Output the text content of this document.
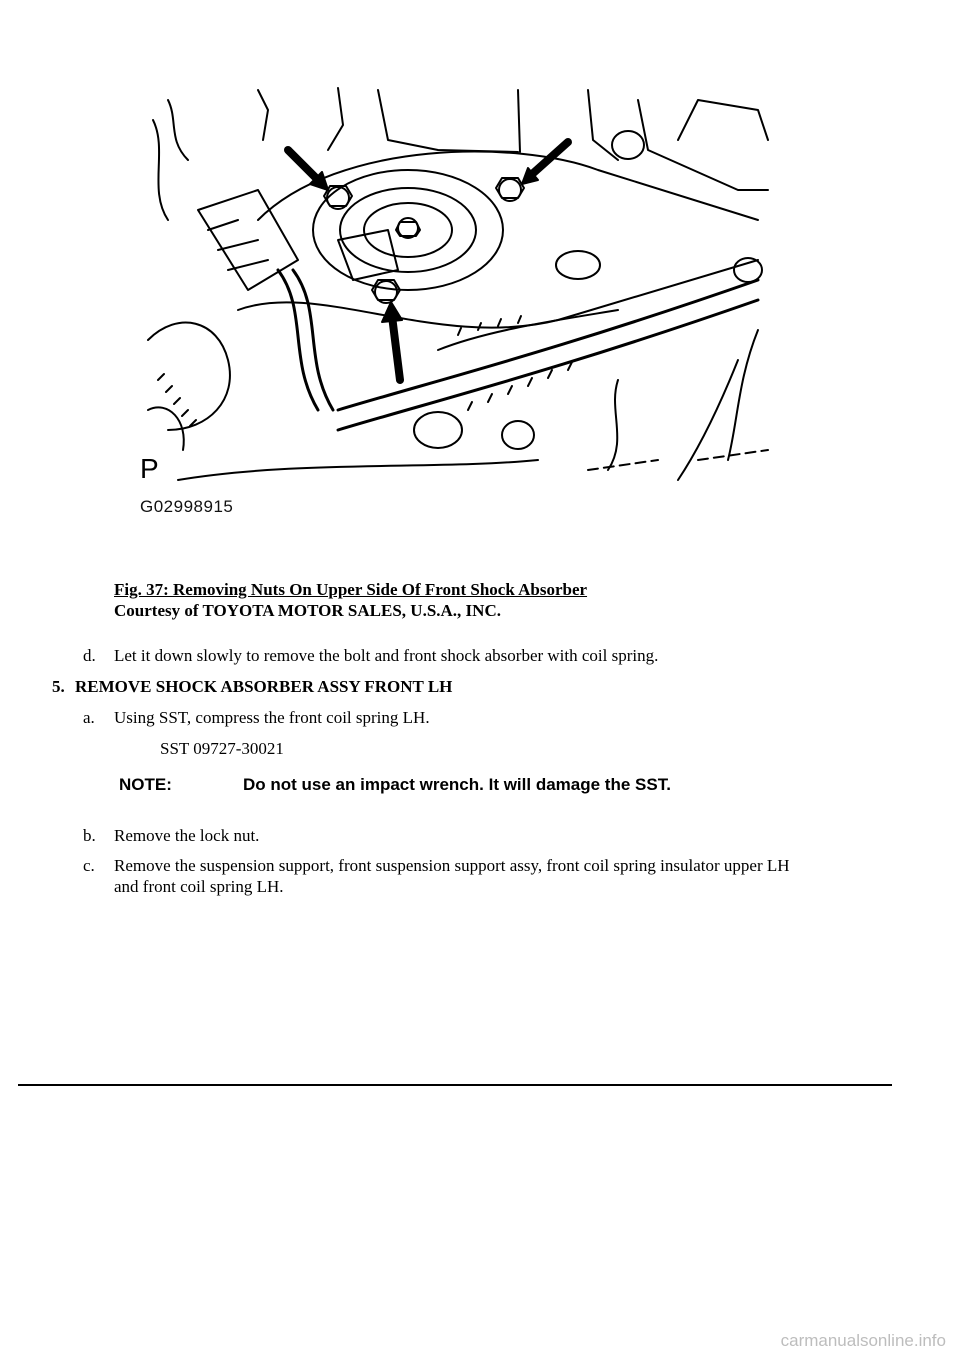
P
G02998915
Fig. 37: Removing Nuts On Upper Side Of Front Shock Absorber
Courtesy of TOYOTA MOTOR SALES, U.S.A., INC.
d. Let it down slowly to remove the bolt and front shock absorber with coil spring.
5. REMOVE SHOCK ABSORBER ASSY FRONT LH
a. Using SST, compress the front coil spring LH.
SST 09727-30021
NOTE:	Do not use an impact wrench. It will damage the SST.
b. Remove the lock nut.
c. Remove the suspension support, front suspension support assy, front coil spring insulator upper LH
and front coil spring LH.
carmanualsonline.info
